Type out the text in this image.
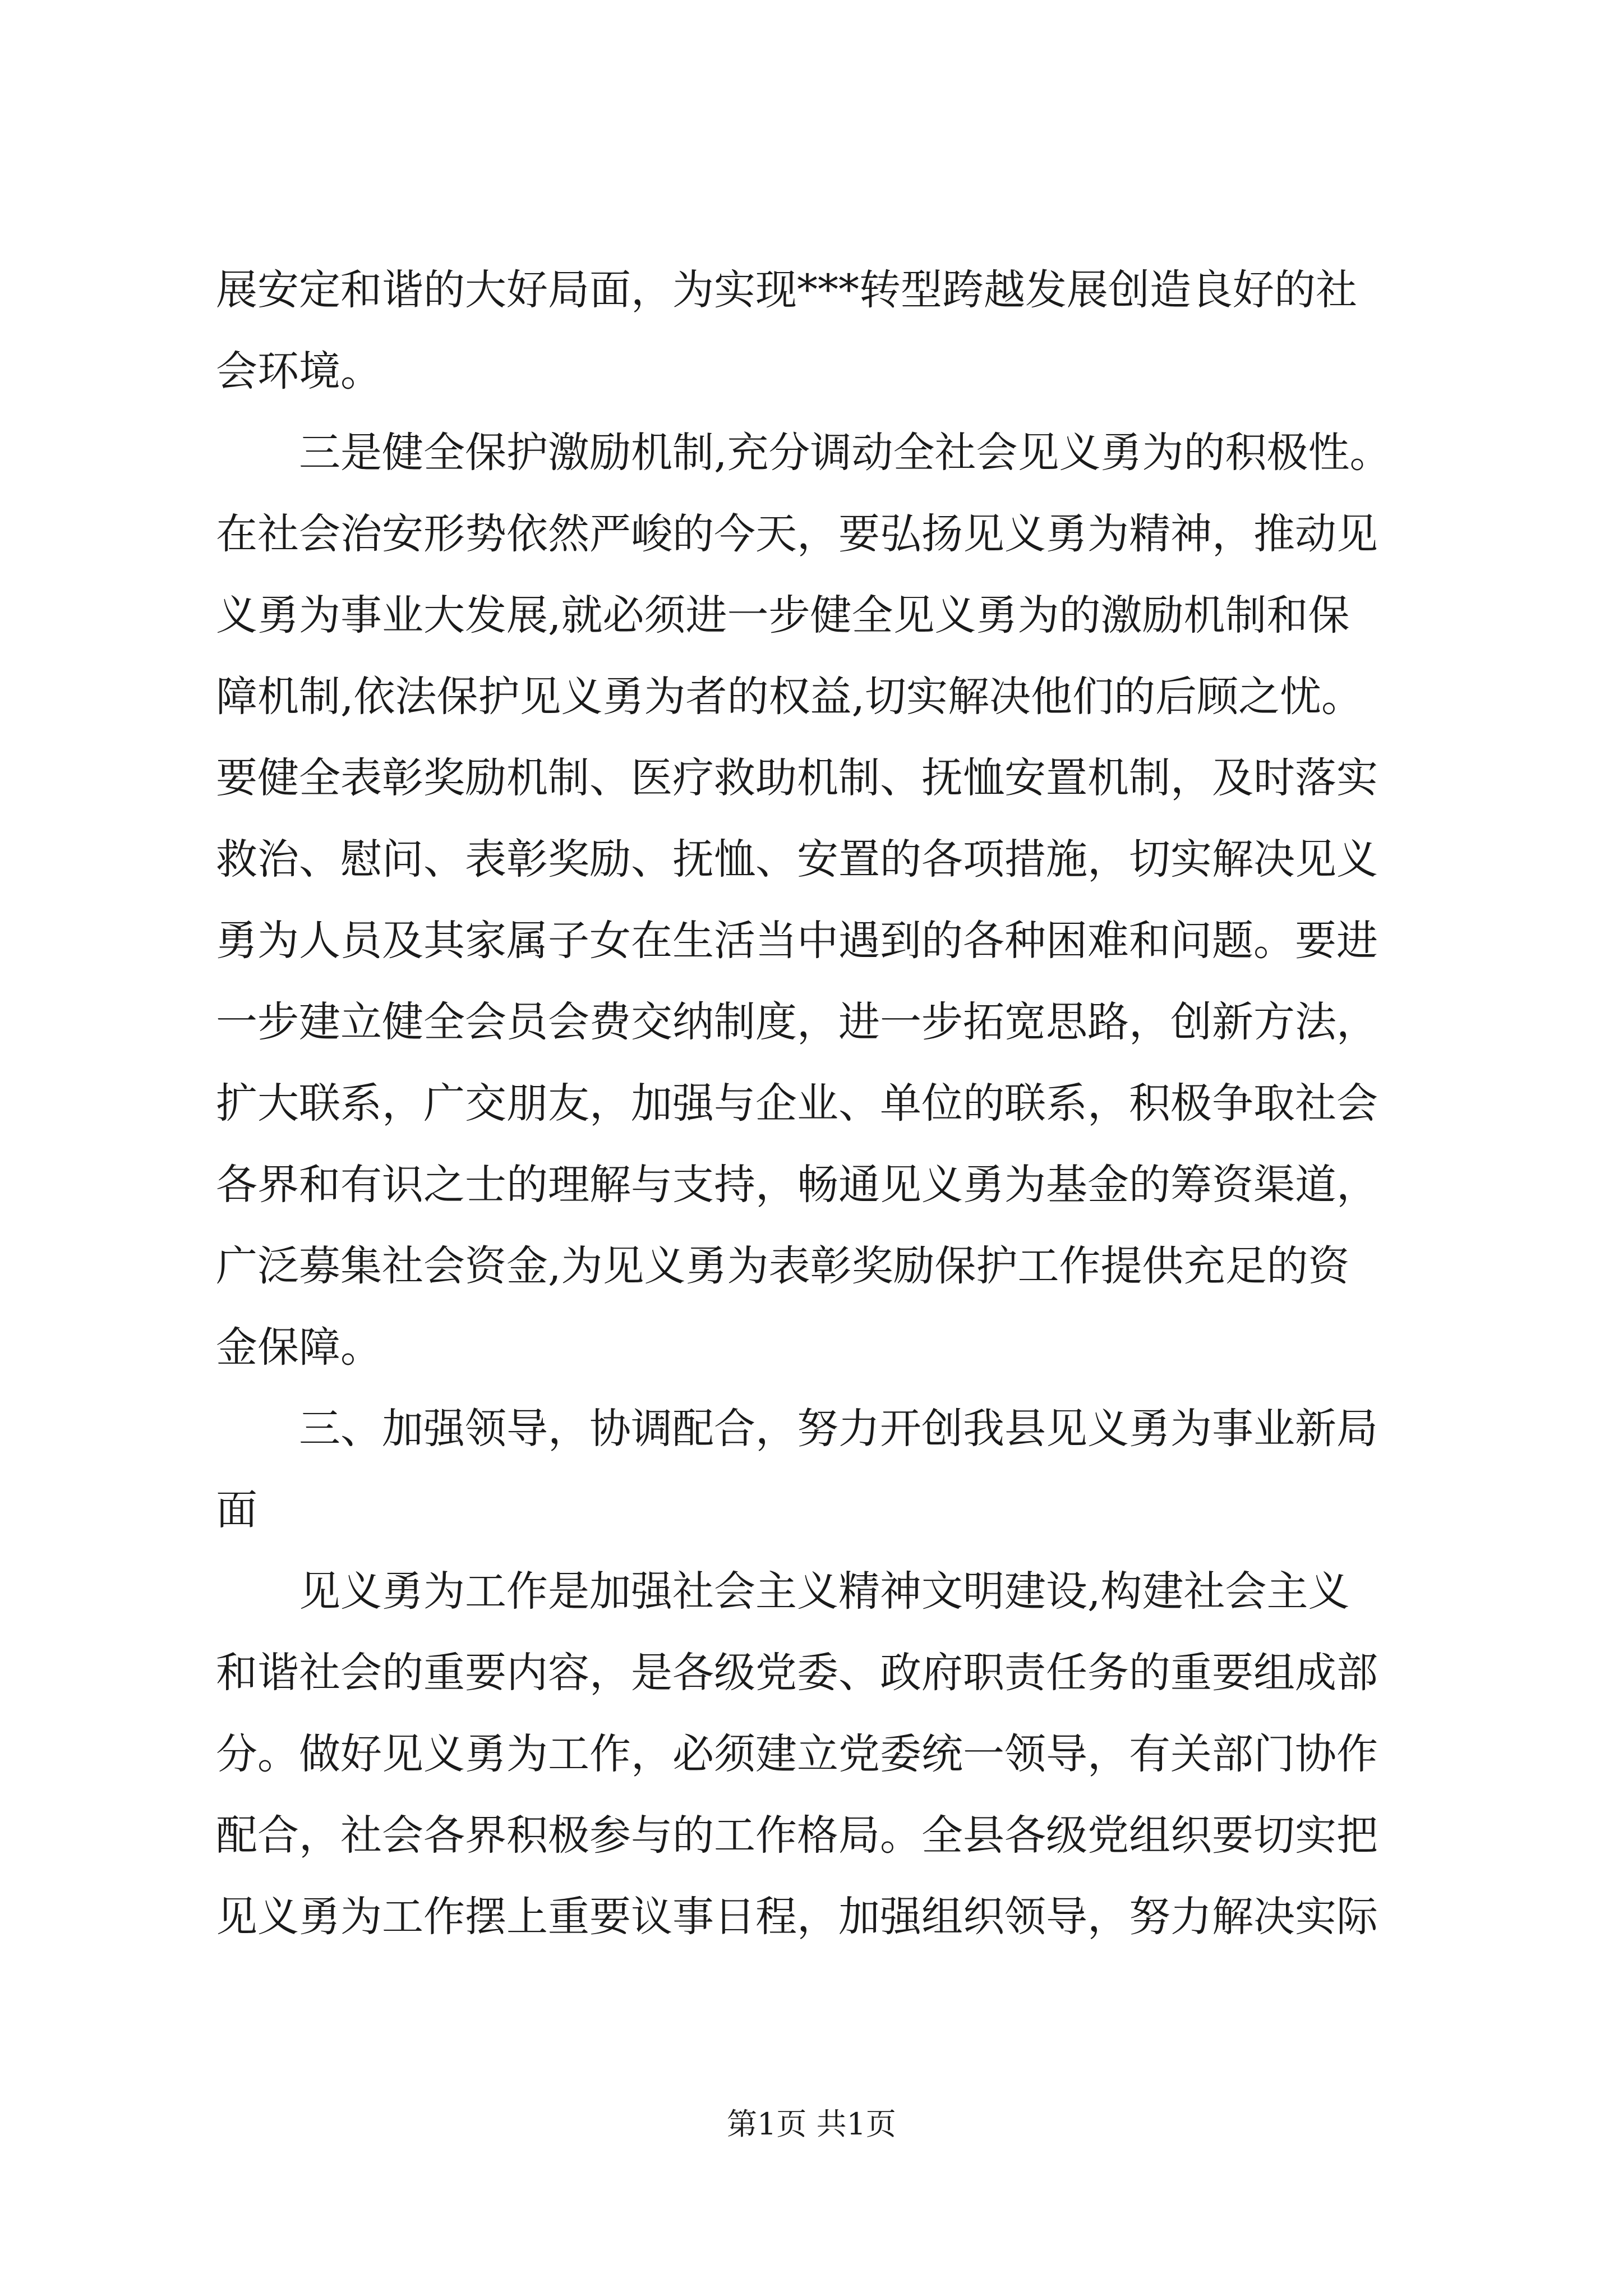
展安定和谐的大好局面，为实现***转型跨越发展创造良好的社
会环境。
三是健全保护激励机制,充分调动全社会见义勇为的积极性。
在社会治安形势依然严峻的今天，要弘扬见义勇为精神，推动见
义勇为事业大发展,就必须进一步健全见义勇为的激励机制和保
障机制,依法保护见义勇为者的权益,切实解决他们的后顾之忧。
要健全表彰奖励机制、医疗救助机制、抚恤安置机制，及时落实
救治、慰问、表彰奖励、抚恤、安置的各项措施，切实解决见义
勇为人员及其家属子女在生活当中遇到的各种困难和问题。要进
一步建立健全会员会费交纳制度，进一步拓宽思路，创新方法，
扩大联系，广交朋友，加强与企业、单位的联系，积极争取社会
各界和有识之士的理解与支持，畅通见义勇为基金的筹资渠道，
广泛募集社会资金,为见义勇为表彰奖励保护工作提供充足的资
金保障。
三、加强领导，协调配合，努力开创我县见义勇为事业新局
面
见义勇为工作是加强社会主义精神文明建设,构建社会主义
和谐社会的重要内容，是各级党委、政府职责任务的重要组成部
分。做好见义勇为工作，必须建立党委统一领导，有关部门协作
配合，社会各界积极参与的工作格局。全县各级党组织要切实把
见义勇为工作摆上重要议事日程，加强组织领导，努力解决实际
第1页 共1页
